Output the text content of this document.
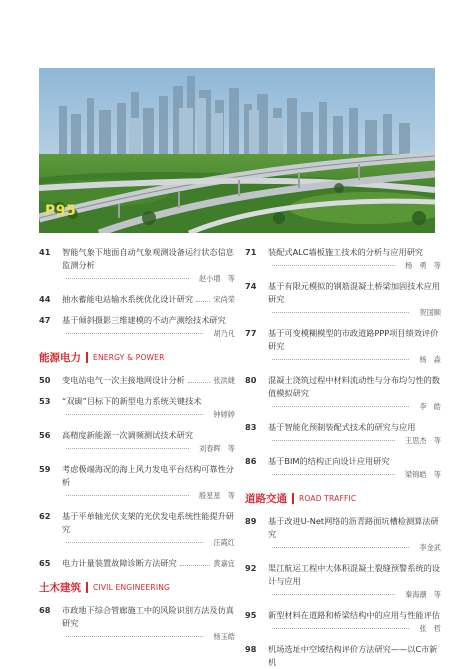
P95
41 智能气象下地面自动气象观测设备运行状态信息监测分析
赵小增　等
44 抽水蓄能电站输水系统优化设计研究	宋尚荣
47 基于倾斜摄影三维建模的不动产测绘技术研究
胡乃凡
能源电力 ENERGY & POWER
50 变电站电气一次主接地网设计分析	张洪婕
53 “双碳”目标下的新型电力系统关键技术
钟婷婷
56 高精度新能源一次调频测试技术研究
刘春晖　等
59 考虑极端海况的海上风力发电平台结构可靠性分析
殷星星　等
62 基于平单轴光伏支架的光伏发电系统性能提升研究
汪霞红
65 电力计量装置故障诊断方法研究	黄嘉宜
土木建筑 CIVIL ENGINEERING
68 市政地下综合管廊施工中的风险识别方法及仿真研究
杨玉皓
71 装配式ALC墙板施工技术的分析与应用研究
杨　勇　等
74 基于有限元模拟的钢筋混凝土桥梁加固技术应用研究
贺国顺
77 基于可变模糊模型的市政道路PPP项目绩效评价研究
杨　淼
80 混凝土浇筑过程中材料流动性与分布均匀性的数值模拟研究
李　皓
83 基于智能化预制装配式技术的研究与应用
王思杰　等
86 基于BIM的结构正向设计应用研究
梁锦皓　等
道路交通 ROAD TRAFFIC
89 基于改进U-Net网络的沥青路面坑槽检测算法研究
李金武
92 渠江航运工程中大体积混凝土裂缝预警系统的设计与应用
秦海潮　等
95 新型材料在道路和桥梁结构中的应用与性能评估
张　哲
98 机场选址中空域结构评价方法研究——以C市新机
